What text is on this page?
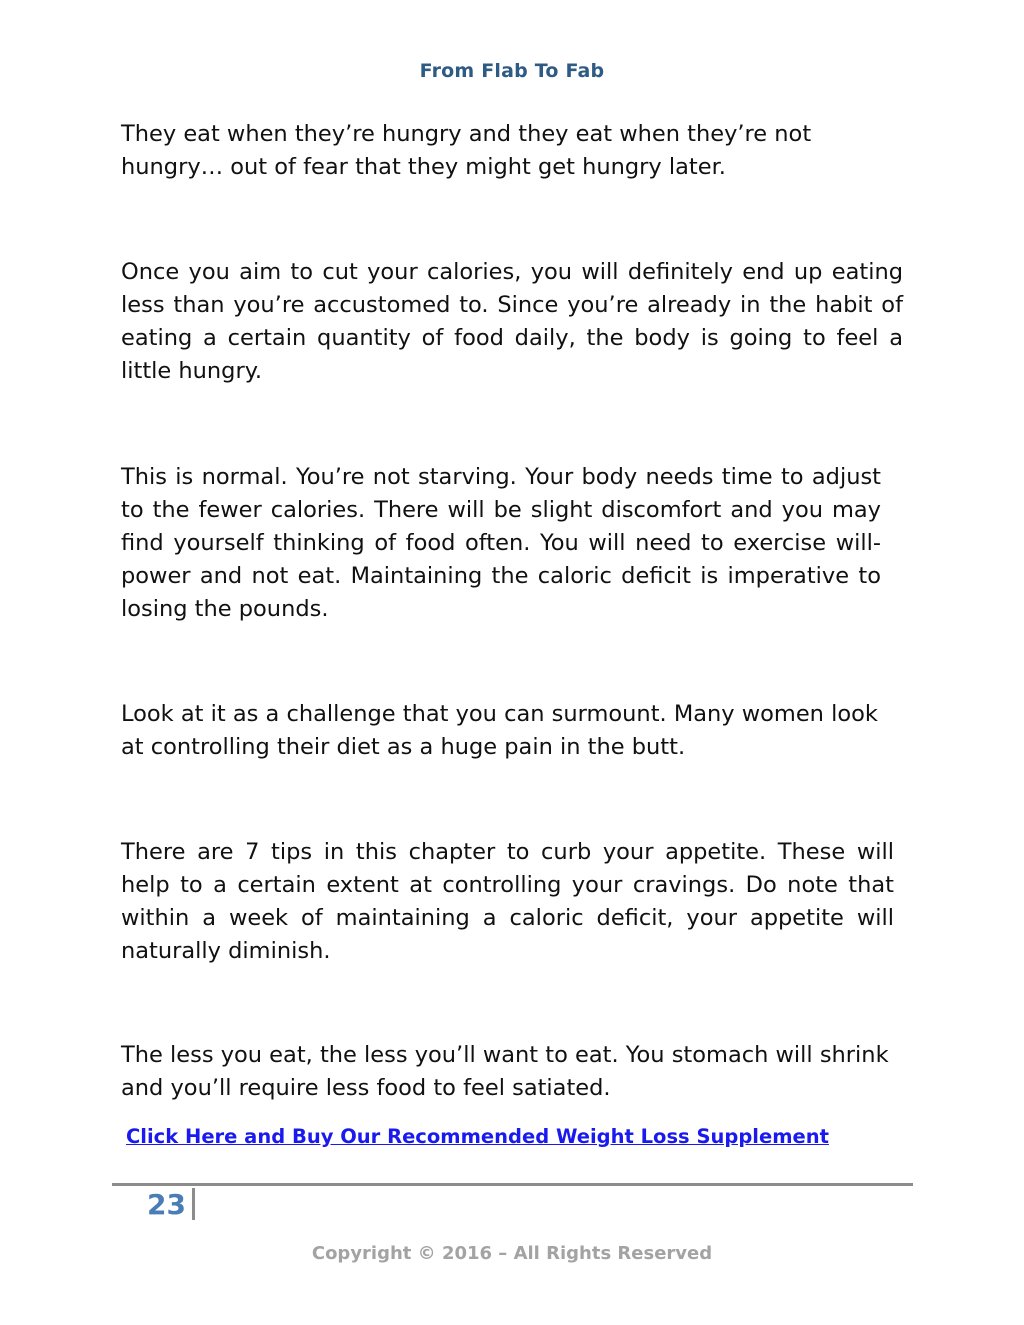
From Flab To Fab

They eat when they’re hungry and they eat when they’re not hungry… out of fear that they might get hungry later.

Once you aim to cut your calories, you will definitely end up eating less than you’re accustomed to. Since you’re already in the habit of eating a certain quantity of food daily, the body is going to feel a little hungry.

This is normal. You’re not starving. Your body needs time to adjust to the fewer calories. There will be slight discomfort and you may find yourself thinking of food often. You will need to exercise will-power and not eat. Maintaining the caloric deficit is imperative to losing the pounds.

Look at it as a challenge that you can surmount. Many women look at controlling their diet as a huge pain in the butt.

There are 7 tips in this chapter to curb your appetite. These will help to a certain extent at controlling your cravings. Do note that within a week of maintaining a caloric deficit, your appetite will naturally diminish.

The less you eat, the less you’ll want to eat. You stomach will shrink and you’ll require less food to feel satiated.

Click Here and Buy Our Recommended Weight Loss Supplement
23
Copyright © 2016 – All Rights Reserved
